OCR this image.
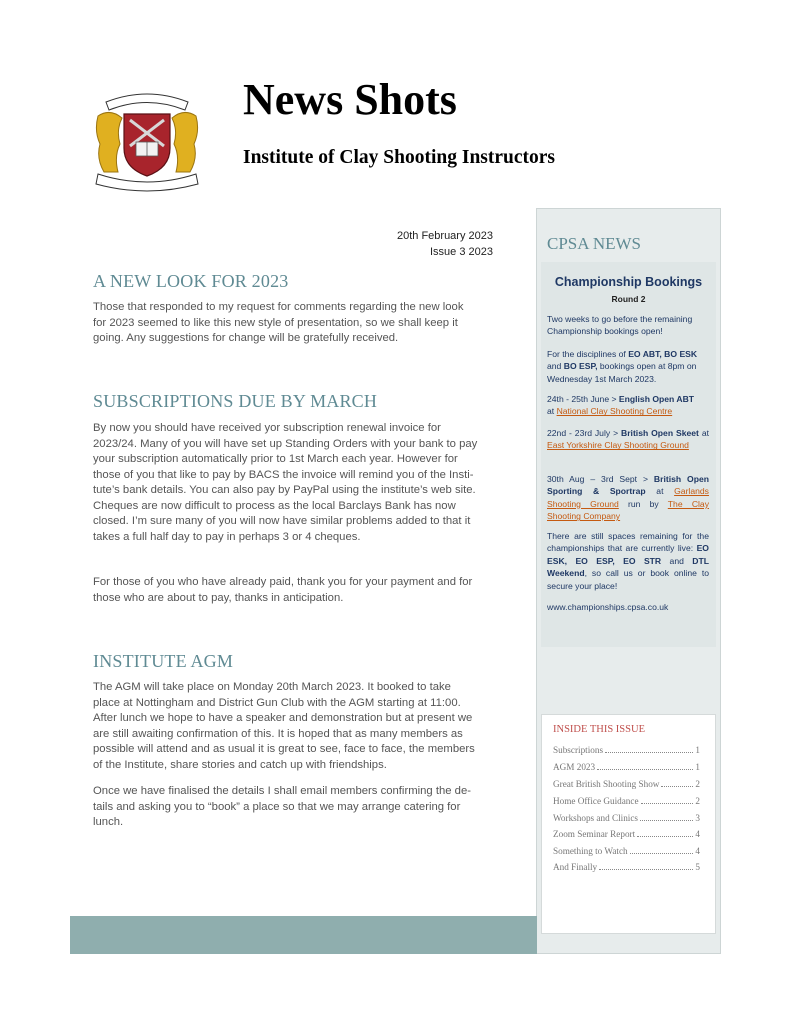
News Shots
Institute of Clay Shooting Instructors
20th February 2023
Issue 3 2023
A NEW LOOK FOR 2023
Those that responded to my request for comments regarding the new look
for 2023 seemed to like this new style of presentation, so we shall keep it
going. Any suggestions for change will be gratefully received.
SUBSCRIPTIONS DUE BY MARCH
By now you should have received yor subscription renewal invoice for
2023/24. Many of you will have set up Standing Orders with your bank to pay
your subscription automatically prior to 1st March each year. However for
those of you that like to pay by BACS the invoice will remind you of the Insti-
tute’s bank details. You can also pay by PayPal using the institute’s web site.
Cheques are now difficult to process as the local Barclays Bank has now
closed. I’m sure many of you will now have similar problems added to that it
takes a full half day to pay in perhaps 3 or 4 cheques.
For those of you who have already paid, thank you for your payment and for
those who are about to pay, thanks in anticipation.
INSTITUTE AGM
The AGM will take place on Monday 20th March 2023. It booked to take
place at Nottingham and District Gun Club with the AGM starting at 11:00.
After lunch we hope to have a speaker and demonstration but at present we
are still awaiting confirmation of this. It is hoped that as many members as
possible will attend and as usual it is great to see, face to face, the members
of the Institute, share stories and catch up with friendships.
Once we have finalised the details I shall email members confirming the de-
tails and asking you to “book” a place so that we may arrange catering for
lunch.
CPSA NEWS
Championship Bookings
Round 2

Two weeks to go before the remaining Championship bookings open!

For the disciplines of EO ABT, BO ESK and BO ESP, bookings open at 8pm on Wednesday 1st March 2023.

24th - 25th June > English Open ABT
at National Clay Shooting Centre

22nd - 23rd July > British Open Skeet at East Yorkshire Clay Shooting Ground

30th Aug – 3rd Sept > British Open Sporting & Sportrap at Garlands Shooting Ground run by The Clay Shooting Company

There are still spaces remaining for the championships that are currently live: EO ESK, EO ESP, EO STR and DTL Weekend, so call us or book online to secure your place!

www.championships.cpsa.co.uk

INSIDE THIS ISSUE
Subscriptions	1
AGM 2023	1
Great British Shooting Show	2
Home Office Guidance	2
Workshops and Clinics	3
Zoom Seminar Report	4
Something to Watch	4
And Finally	5
